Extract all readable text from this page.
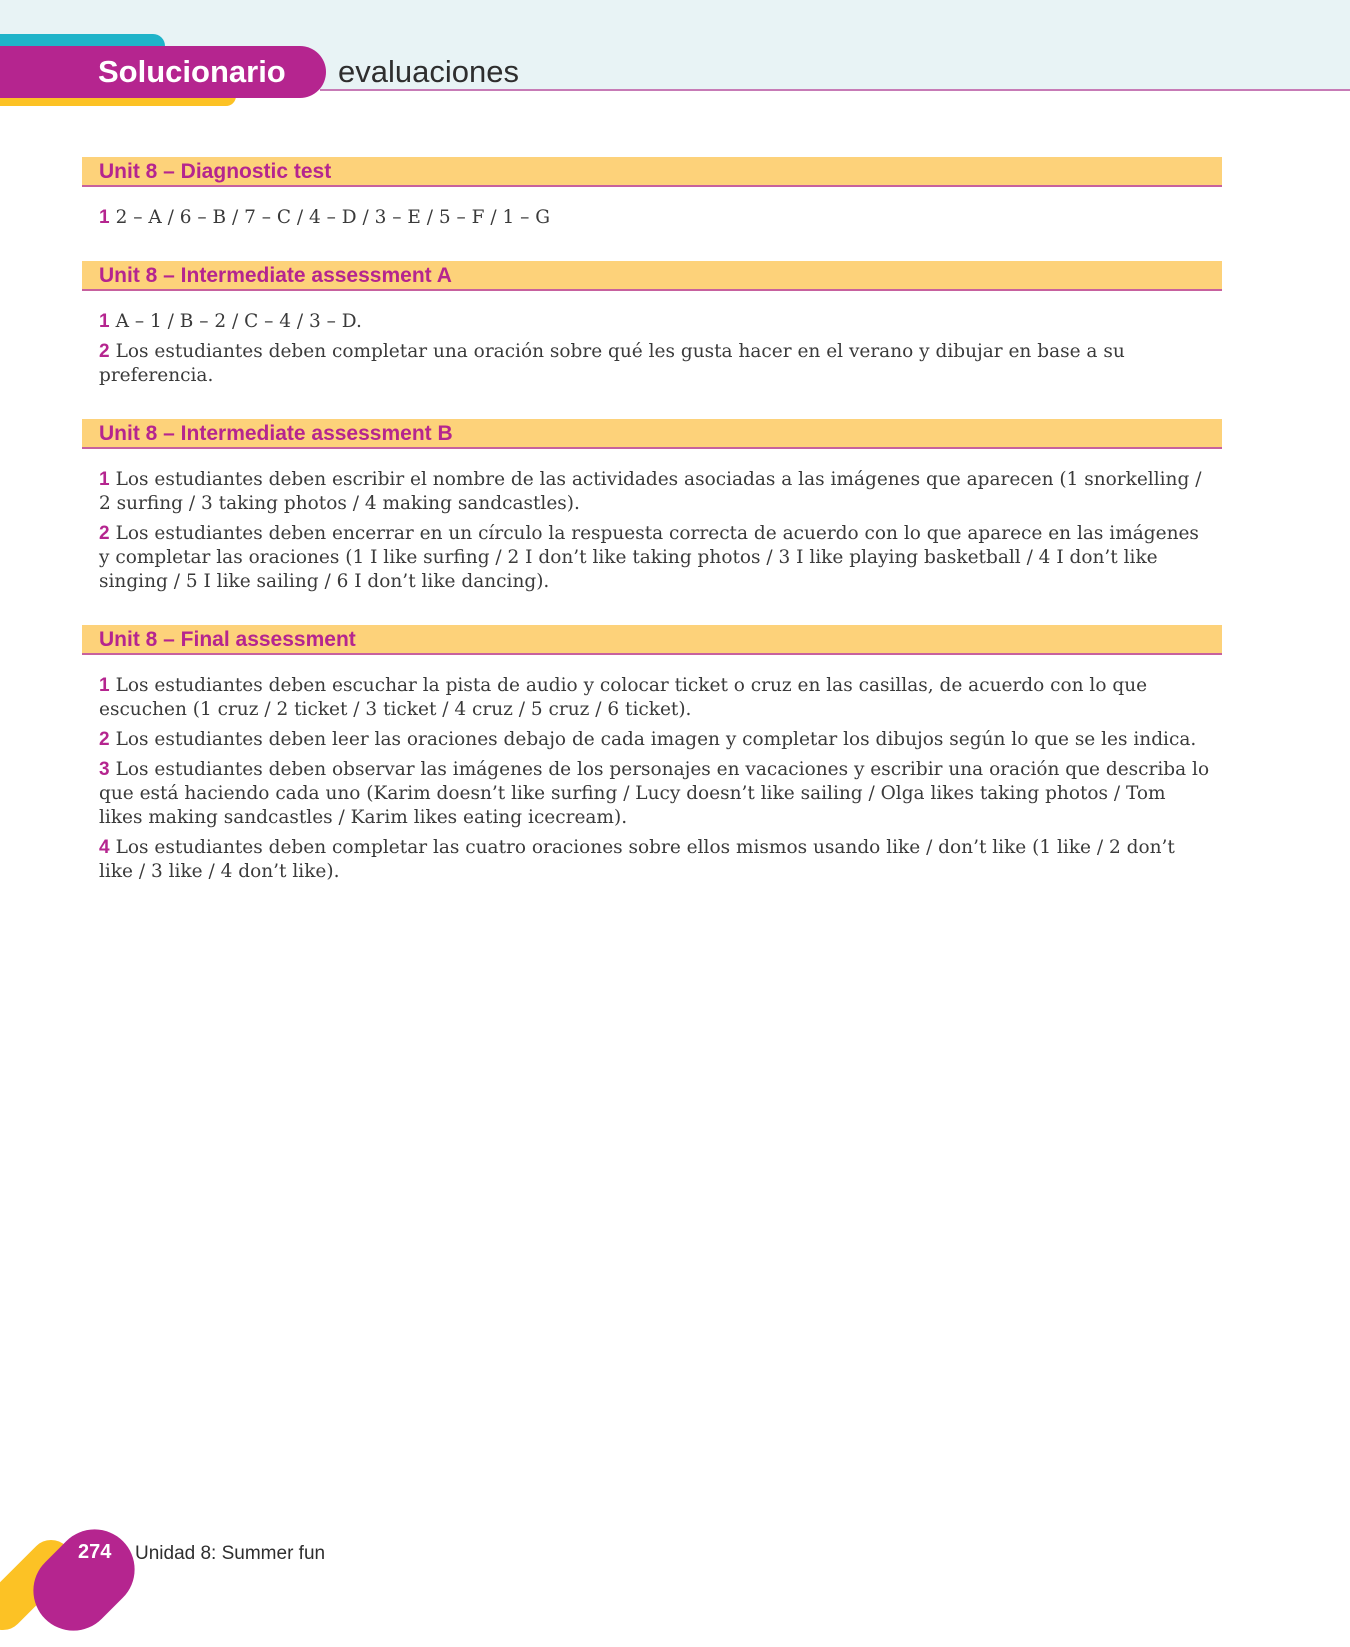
Solucionario evaluaciones
Unit 8 – Diagnostic test
1 2 – A / 6 – B / 7 – C / 4 – D / 3 – E / 5 – F / 1 – G
Unit 8 – Intermediate assessment A
1 A – 1 / B – 2 / C – 4 / 3 – D.
2 Los estudiantes deben completar una oración sobre qué les gusta hacer en el verano y dibujar en base a su preferencia.
Unit 8 – Intermediate assessment B
1 Los estudiantes deben escribir el nombre de las actividades asociadas a las imágenes que aparecen (1 snorkelling / 2 surfing / 3 taking photos / 4 making sandcastles).
2 Los estudiantes deben encerrar en un círculo la respuesta correcta de acuerdo con lo que aparece en las imágenes y completar las oraciones (1 I like surfing / 2 I don’t like taking photos / 3 I like playing basketball / 4 I don’t like singing / 5 I like sailing / 6 I don’t like dancing).
Unit 8 – Final assessment
1 Los estudiantes deben escuchar la pista de audio y colocar ticket o cruz en las casillas, de acuerdo con lo que escuchen (1 cruz / 2 ticket / 3 ticket / 4 cruz / 5 cruz / 6 ticket).
2 Los estudiantes deben leer las oraciones debajo de cada imagen y completar los dibujos según lo que se les indica.
3 Los estudiantes deben observar las imágenes de los personajes en vacaciones y escribir una oración que describa lo que está haciendo cada uno (Karim doesn’t like surfing / Lucy doesn’t like sailing / Olga likes taking photos / Tom likes making sandcastles / Karim likes eating icecream).
4 Los estudiantes deben completar las cuatro oraciones sobre ellos mismos usando like / don’t like (1 like / 2 don’t like / 3 like / 4 don’t like).
274 Unidad 8: Summer fun
